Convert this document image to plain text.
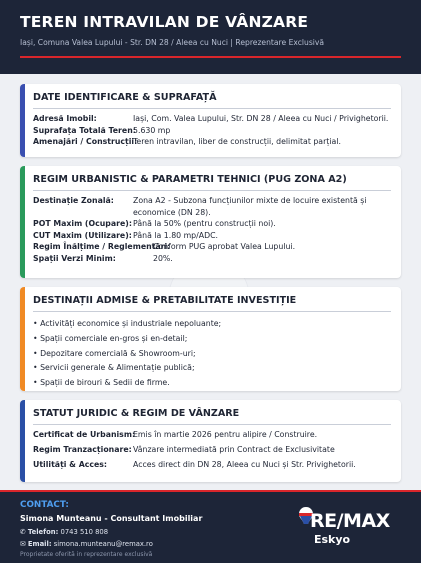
TEREN INTRAVILAN DE VÂNZARE
Iași, Comuna Valea Lupului - Str. DN 28 / Aleea cu Nuci | Reprezentare Exclusivă
DATE IDENTIFICARE & SUPRAFAȚĂ
Adresă Imobil:	Iași, Com. Valea Lupului, Str. DN 28 / Aleea cu Nuci / Privighetorii.
Suprafața Totală Teren:
5.630 mp
Amenajări / Construcții:
Teren intravilan, liber de construcții, delimitat parțial.
REGIM URBANISTIC & PARAMETRI TEHNICI (PUG ZONA A2)
Destinație Zonală: Zona A2 - Subzona funcțiunilor mixte de locuire existentă și economice (DN 28).
POT Maxim (Ocupare): Până la 50% (pentru construcții noi).
CUT Maxim (Utilizare): Până la 1.80 mp/ADC.
Regim Înălțime / Reglementări:
Conform PUG aprobat Valea Lupului.
Spații Verzi Minim:	20%.
DESTINAȚII ADMISE & PRETABILITATE INVESTIȚIE
• Activități economice și industriale nepoluante;
• Spații comerciale en-gros și en-detail;
• Depozitare comercială & Showroom-uri;
• Servicii generale & Alimentație publică;
• Spații de birouri & Sedii de firme.
STATUT JURIDIC & REGIM DE VÂNZARE
Certificat de Urbanism:
Emis în martie 2026 pentru alipire / Construire.
Regim Tranzacționare: Vânzare intermediată prin Contract de Exclusivitate
Utilități & Acces:	Acces direct din DN 28, Aleea cu Nuci și Str. Privighetorii.
CONTACT:
Simona Munteanu - Consultant Imobiliar
✆ Telefon: 0743 510 808
✉ Email: simona.munteanu@remax.ro
Proprietate oferită in reprezentare exclusivă
RE/MAX
Eskyo
